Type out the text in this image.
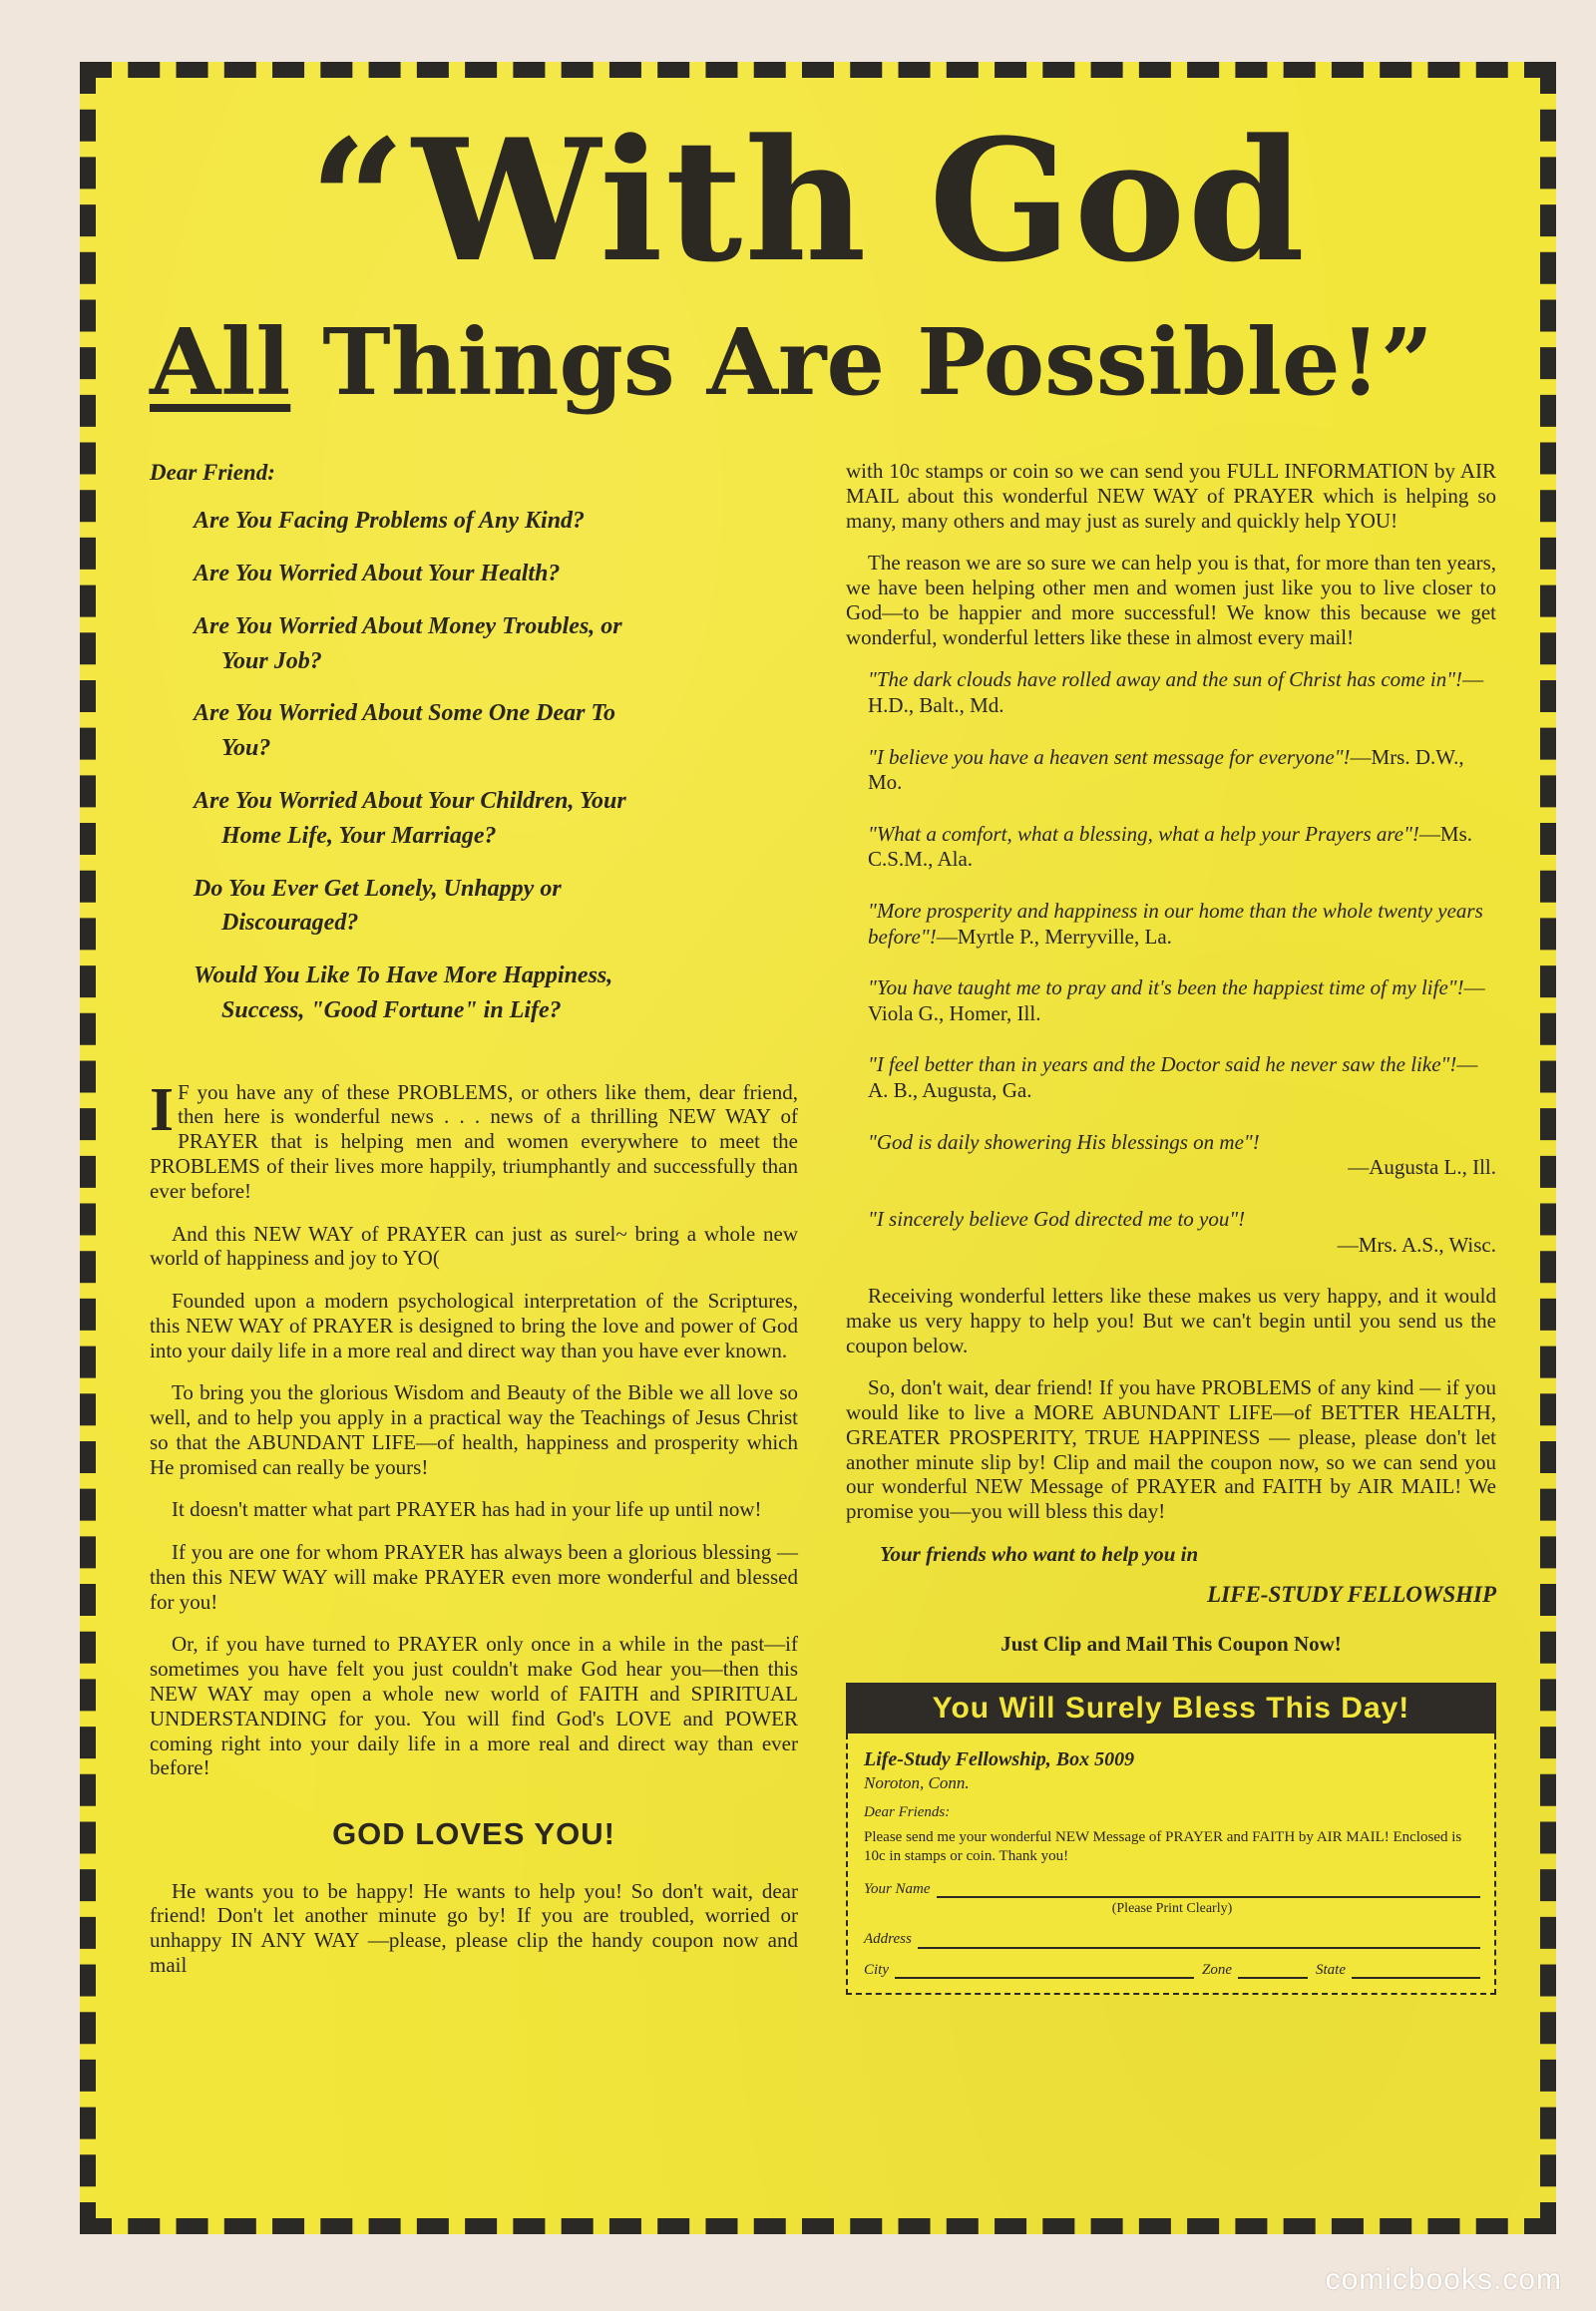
“With God
All Things Are Possible!”
Dear Friend:
Are You Facing Problems of Any Kind?
Are You Worried About Your Health?
Are You Worried About Money Troubles, or
Your Job?
Are You Worried About Some One Dear To
You?
Are You Worried About Your Children, Your
Home Life, Your Marriage?
Do You Ever Get Lonely, Unhappy or
Discouraged?
Would You Like To Have More Happiness,
Success, "Good Fortune" in Life?

I F you have any of these PROBLEMS, or others like them, dear friend, then here is wonderful news . . . news of a thrilling NEW WAY of PRAYER that is helping men and women everywhere to meet the PROBLEMS of their lives more happily, triumphantly and successfully than ever before!

And this NEW WAY of PRAYER can just as surel~ bring a whole new world of happiness and joy to YO(

Founded upon a modern psychological interpretation of the Scriptures, this NEW WAY of PRAYER is designed to bring the love and power of God into your daily life in a more real and direct way than you have ever known.

To bring you the glorious Wisdom and Beauty of the Bible we all love so well, and to help you apply in a practical way the Teachings of Jesus Christ so that the ABUNDANT LIFE—of health, happiness and prosperity which He promised can really be yours!

It doesn't matter what part PRAYER has had in your life up until now!

If you are one for whom PRAYER has always been a glorious blessing — then this NEW WAY will make PRAYER even more wonderful and blessed for you!

Or, if you have turned to PRAYER only once in a while in the past—if sometimes you have felt you just couldn't make God hear you—then this NEW WAY may open a whole new world of FAITH and SPIRITUAL UNDERSTANDING for you. You will find God's LOVE and POWER coming right into your daily life in a more real and direct way than ever before!

GOD LOVES YOU!

He wants you to be happy! He wants to help you! So don't wait, dear friend! Don't let another minute go by! If you are troubled, worried or unhappy IN ANY WAY —please, please clip the handy coupon now and mail

with 10c stamps or coin so we can send you FULL INFORMATION by AIR MAIL about this wonderful NEW WAY of PRAYER which is helping so many, many others and may just as surely and quickly help YOU!

The reason we are so sure we can help you is that, for more than ten years, we have been helping other men and women just like you to live closer to God—to be happier and more successful! We know this because we get wonderful, wonderful letters like these in almost every mail!

"The dark clouds have rolled away and the sun of Christ has come in"!—H.D., Balt., Md.
"I believe you have a heaven sent message for everyone"!—Mrs. D.W., Mo.
"What a comfort, what a blessing, what a help your Prayers are"!—Ms. C.S.M., Ala.
"More prosperity and happiness in our home than the whole twenty years before"!—Myrtle P., Merryville, La.
"You have taught me to pray and it's been the happiest time of my life"!—Viola G., Homer, Ill.
"I feel better than in years and the Doctor said he never saw the like"!—A. B., Augusta, Ga.
"God is daily showering His blessings on me"!
—Augusta L., Ill.
"I sincerely believe God directed me to you"!
—Mrs. A.S., Wisc.

Receiving wonderful letters like these makes us very happy, and it would make us very happy to help you! But we can't begin until you send us the coupon below.

So, don't wait, dear friend! If you have PROBLEMS of any kind — if you would like to live a MORE ABUNDANT LIFE—of BETTER HEALTH, GREATER PROSPERITY, TRUE HAPPINESS — please, please don't let another minute slip by! Clip and mail the coupon now, so we can send you our wonderful NEW Message of PRAYER and FAITH by AIR MAIL! We promise you—you will bless this day!

Your friends who want to help you in
LIFE-STUDY FELLOWSHIP
Just Clip and Mail This Coupon Now!
You Will Surely Bless This Day!
Life-Study Fellowship, Box 5009
Noroton, Conn.
Dear Friends:
Please send me your wonderful NEW Message of PRAYER and FAITH by AIR MAIL! Enclosed is 10c in stamps or coin. Thank you!
Your Name
(Please Print Clearly)
Address
City	Zone	State
comicbooks.com
